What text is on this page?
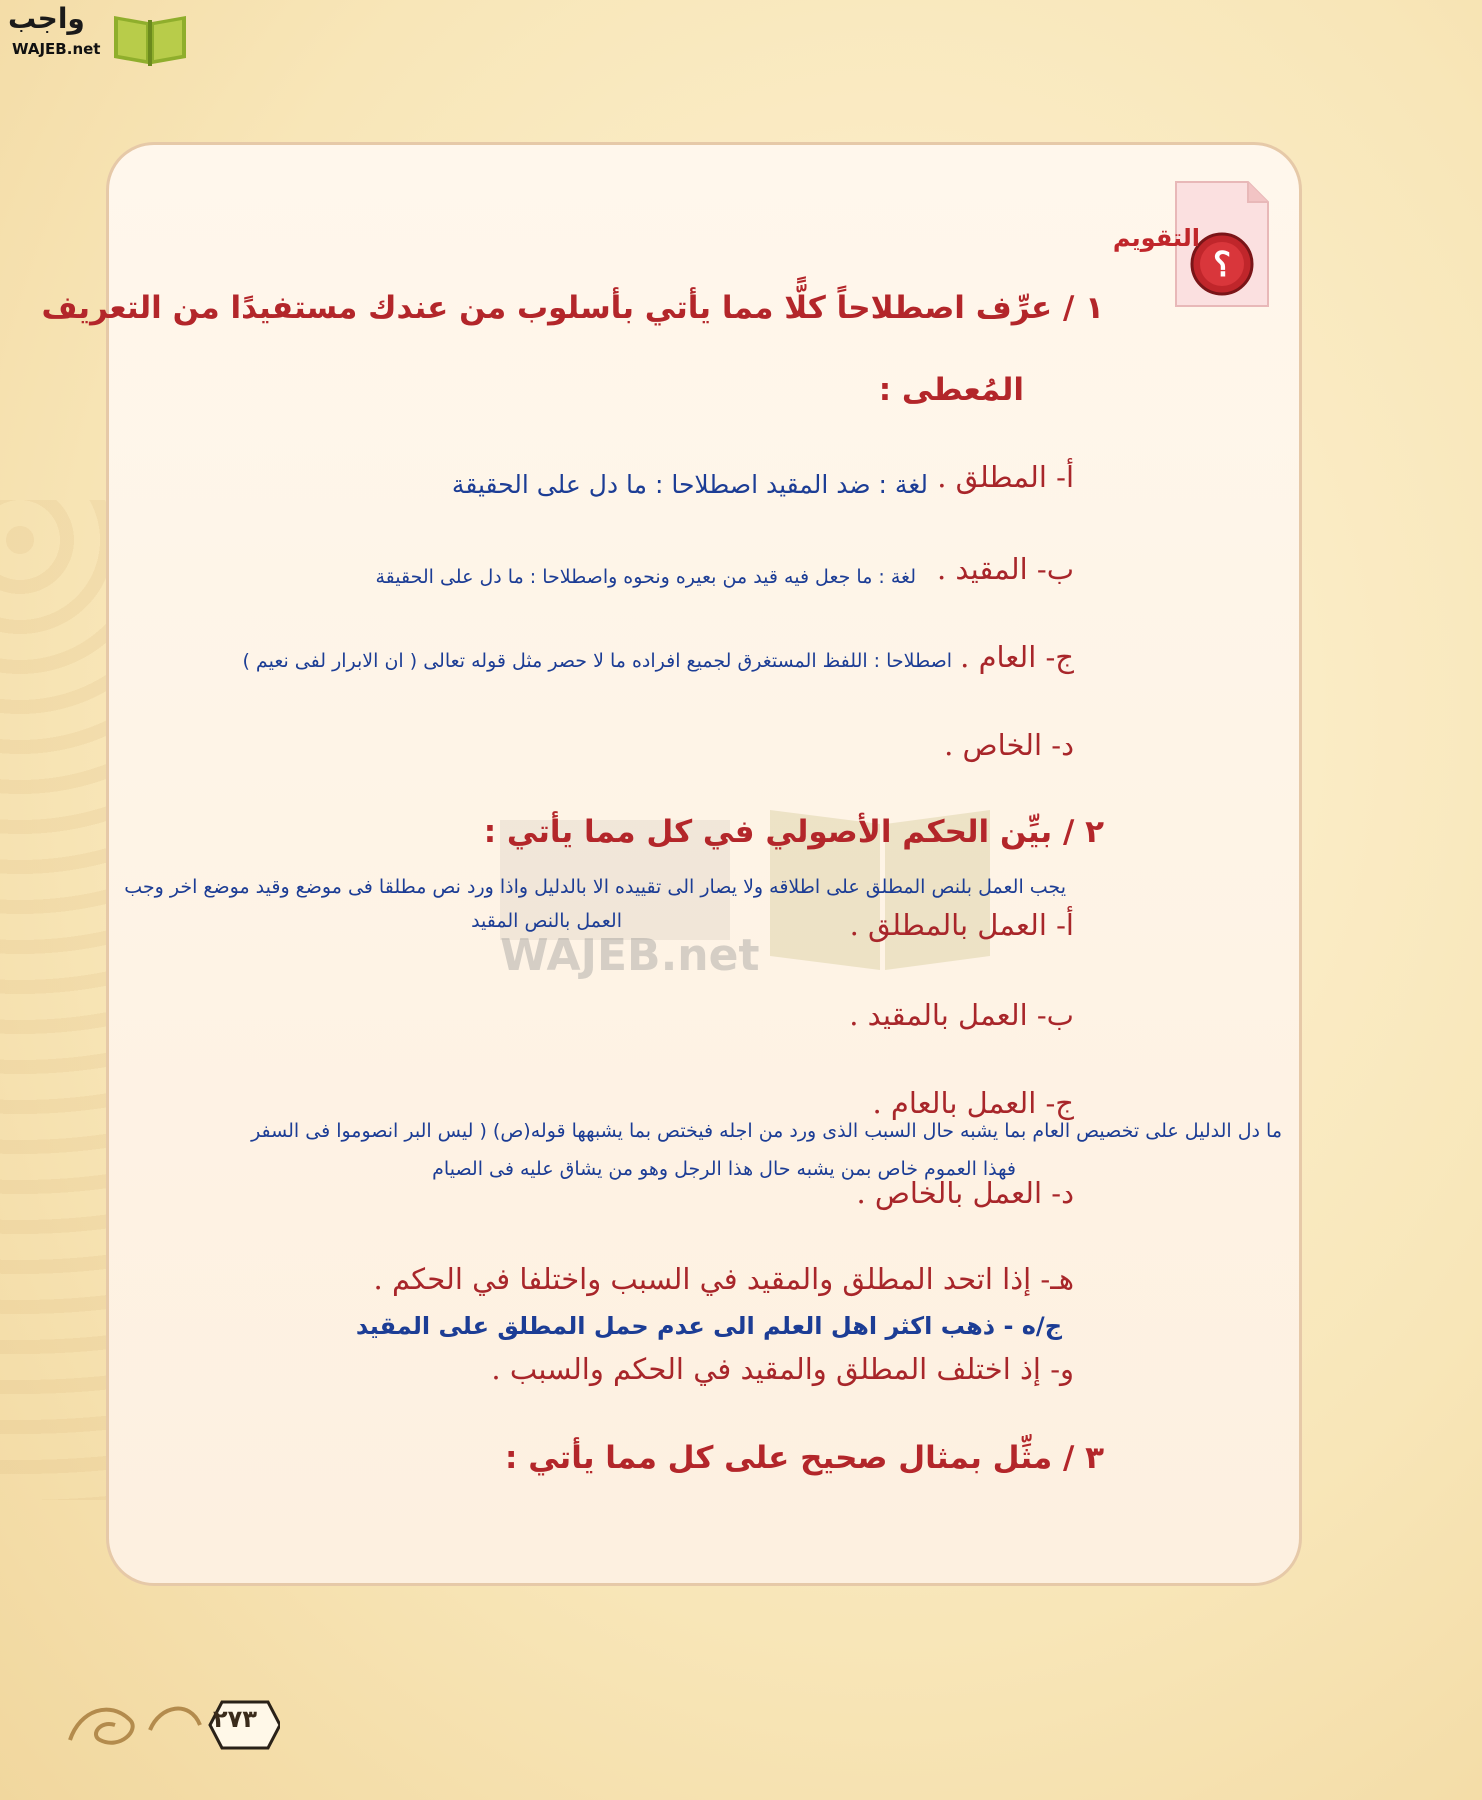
واجب
WAJEB.net
WAJEB.net
؟
التقويم
١ / عرِّف اصطلاحاً كلًّا مما يأتي بأسلوب من عندك مستفيدًا من التعريف
المُعطى :
أ- المطلق .
لغة : ضد المقيد اصطلاحا : ما دل على الحقيقة
ب- المقيد .
لغة : ما جعل فيه قيد من بعيره ونحوه واصطلاحا : ما دل على الحقيقة
ج- العام .
اصطلاحا : اللفظ المستغرق لجميع افراده ما لا حصر مثل قوله تعالى ( ان الابرار لفى نعيم )
د- الخاص .
٢ / بيِّن الحكم الأصولي في كل مما يأتي :
يجب العمل بلنص المطلق على اطلاقه ولا يصار الى تقييده الا بالدليل واذا ورد نص مطلقا فى موضع وقيد موضع اخر وجب
العمل بالنص المقيد	أ- العمل بالمطلق .
ب- العمل بالمقيد .
ج- العمل بالعام .
ما دل الدليل على تخصيص العام بما يشبه حال السبب الذى ورد من اجله فيختص بما يشبهها قوله(ص) ( ليس البر انصوموا فى السفر
فهذا العموم خاص بمن يشبه حال هذا الرجل وهو من يشاق عليه فى الصيام
د- العمل بالخاص .
هـ- إذا اتحد المطلق والمقيد في السبب واختلفا في الحكم .
ج/ه - ذهب اكثر اهل العلم الى عدم حمل المطلق على المقيد
و- إذ اختلف المطلق والمقيد في الحكم والسبب .
٣ / مثِّل بمثال صحيح على كل مما يأتي :
٢٧٣
